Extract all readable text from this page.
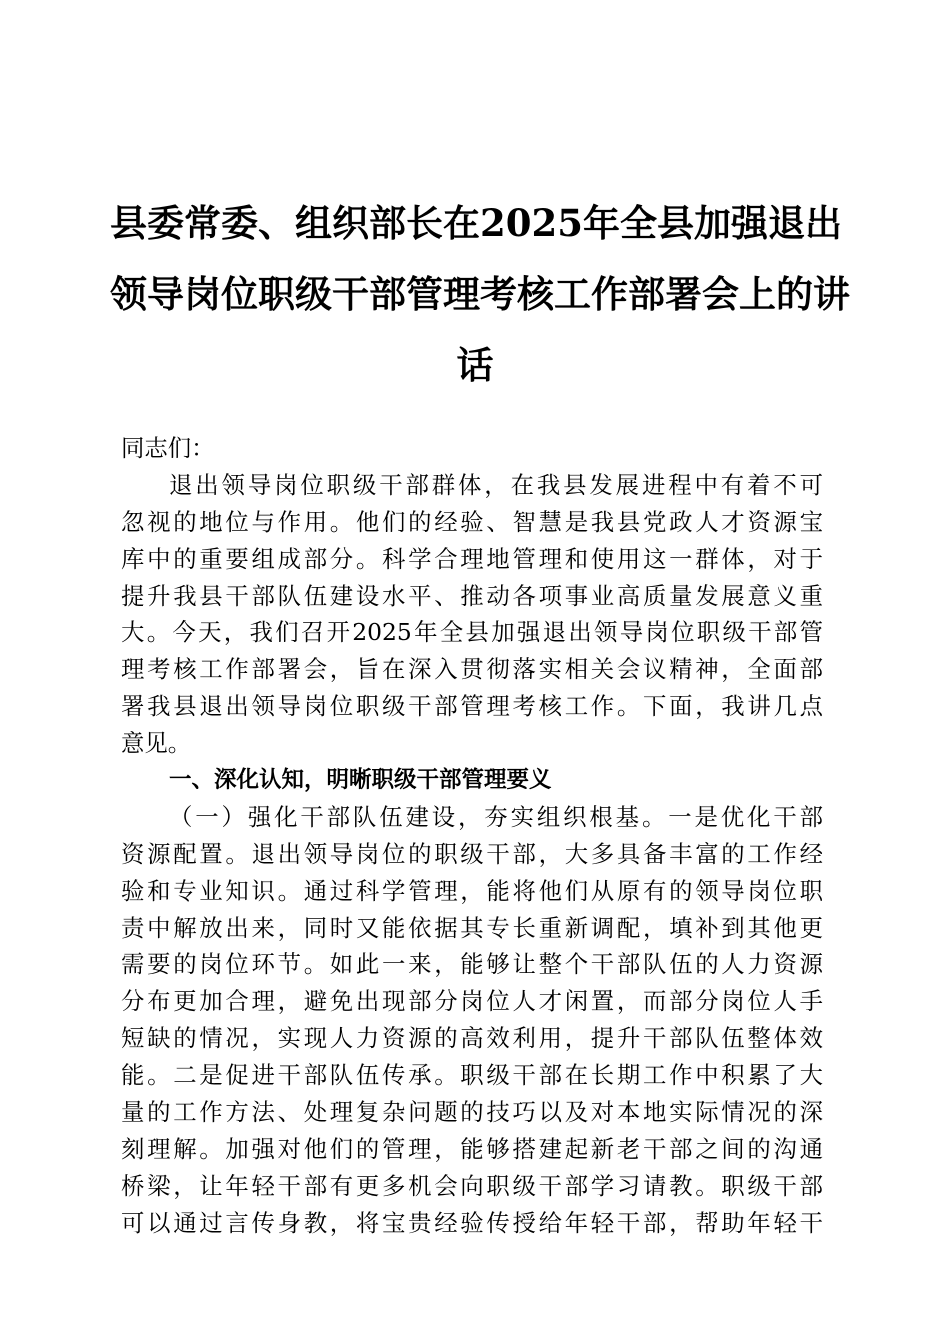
县委常委、组织部长在2025年全县加强退出
领导岗位职级干部管理考核工作部署会上的讲
话
同志们：
退出领导岗位职级干部群体，在我县发展进程中有着不可
忽视的地位与作用。他们的经验、智慧是我县党政人才资源宝
库中的重要组成部分。科学合理地管理和使用这一群体，对于
提升我县干部队伍建设水平、推动各项事业高质量发展意义重
大。今天，我们召开2025年全县加强退出领导岗位职级干部管
理考核工作部署会，旨在深入贯彻落实相关会议精神，全面部
署我县退出领导岗位职级干部管理考核工作。下面，我讲几点
意见。
一、深化认知，明晰职级干部管理要义
（一）强化干部队伍建设，夯实组织根基。一是优化干部
资源配置。退出领导岗位的职级干部，大多具备丰富的工作经
验和专业知识。通过科学管理，能将他们从原有的领导岗位职
责中解放出来，同时又能依据其专长重新调配，填补到其他更
需要的岗位环节。如此一来，能够让整个干部队伍的人力资源
分布更加合理，避免出现部分岗位人才闲置，而部分岗位人手
短缺的情况，实现人力资源的高效利用，提升干部队伍整体效
能。二是促进干部队伍传承。职级干部在长期工作中积累了大
量的工作方法、处理复杂问题的技巧以及对本地实际情况的深
刻理解。加强对他们的管理，能够搭建起新老干部之间的沟通
桥梁，让年轻干部有更多机会向职级干部学习请教。职级干部
可以通过言传身教，将宝贵经验传授给年轻干部，帮助年轻干
